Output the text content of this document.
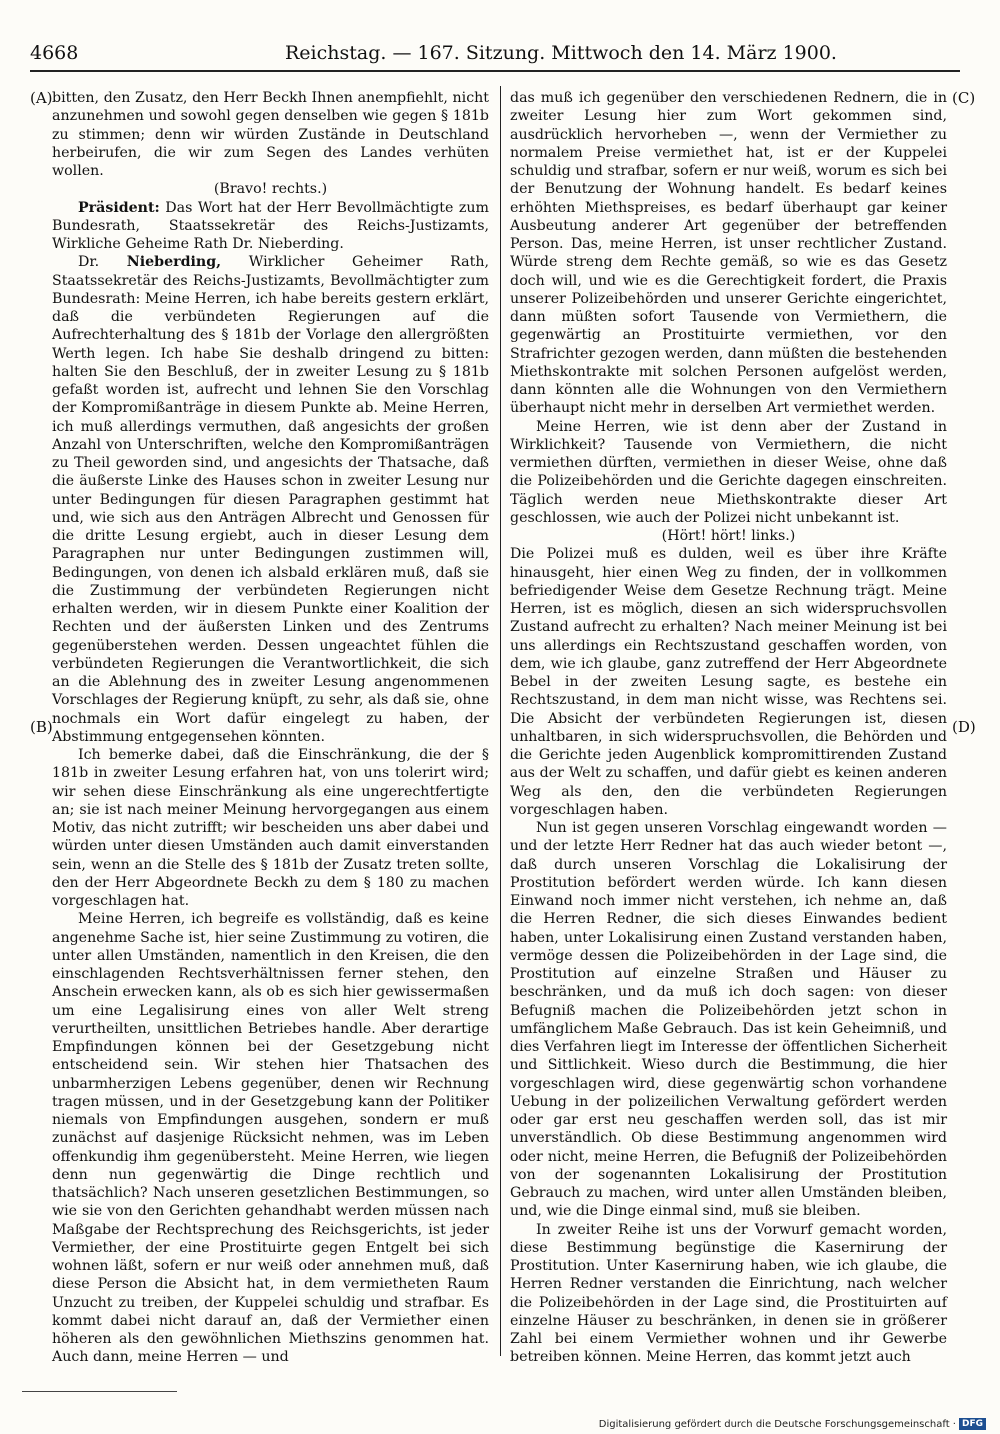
4668	Reichstag. — 167. Sitzung. Mittwoch den 14. März 1900.
(A)
(B)
(C)
(D)

bitten, den Zusatz, den Herr Beckh Ihnen anempfiehlt, nicht anzunehmen und sowohl gegen denselben wie gegen § 181b zu stimmen; denn wir würden Zustände in Deutschland herbeirufen, die wir zum Segen des Landes verhüten wollen.

(Bravo! rechts.)

Präsident: Das Wort hat der Herr Bevollmächtigte zum Bundesrath, Staatssekretär des Reichs-Justizamts, Wirkliche Geheime Rath Dr. Nieberding.

Dr. Nieberding, Wirklicher Geheimer Rath, Staatssekretär des Reichs-Justizamts, Bevollmächtigter zum Bundesrath: Meine Herren, ich habe bereits gestern erklärt, daß die verbündeten Regierungen auf die Aufrechterhaltung des § 181b der Vorlage den allergrößten Werth legen. Ich habe Sie deshalb dringend zu bitten: halten Sie den Beschluß, der in zweiter Lesung zu § 181b gefaßt worden ist, aufrecht und lehnen Sie den Vorschlag der Kompromißanträge in diesem Punkte ab. Meine Herren, ich muß allerdings vermuthen, daß angesichts der großen Anzahl von Unterschriften, welche den Kompromißanträgen zu Theil geworden sind, und angesichts der Thatsache, daß die äußerste Linke des Hauses schon in zweiter Lesung nur unter Bedingungen für diesen Paragraphen gestimmt hat und, wie sich aus den Anträgen Albrecht und Genossen für die dritte Lesung ergiebt, auch in dieser Lesung dem Paragraphen nur unter Bedingungen zustimmen will, Bedingungen, von denen ich alsbald erklären muß, daß sie die Zustimmung der verbündeten Regierungen nicht erhalten werden, wir in diesem Punkte einer Koalition der Rechten und der äußersten Linken und des Zentrums gegenüberstehen werden. Dessen ungeachtet fühlen die verbündeten Regierungen die Verantwortlichkeit, die sich an die Ablehnung des in zweiter Lesung angenommenen Vorschlages der Regierung knüpft, zu sehr, als daß sie, ohne nochmals ein Wort dafür eingelegt zu haben, der Abstimmung entgegensehen könnten.

Ich bemerke dabei, daß die Einschränkung, die der § 181b in zweiter Lesung erfahren hat, von uns tolerirt wird; wir sehen diese Einschränkung als eine ungerechtfertigte an; sie ist nach meiner Meinung hervorgegangen aus einem Motiv, das nicht zutrifft; wir bescheiden uns aber dabei und würden unter diesen Umständen auch damit einverstanden sein, wenn an die Stelle des § 181b der Zusatz treten sollte, den der Herr Abgeordnete Beckh zu dem § 180 zu machen vorgeschlagen hat.

Meine Herren, ich begreife es vollständig, daß es keine angenehme Sache ist, hier seine Zustimmung zu votiren, die unter allen Umständen, namentlich in den Kreisen, die den einschlagenden Rechtsverhältnissen ferner stehen, den Anschein erwecken kann, als ob es sich hier gewissermaßen um eine Legalisirung eines von aller Welt streng verurtheilten, unsittlichen Betriebes handle. Aber derartige Empfindungen können bei der Gesetzgebung nicht entscheidend sein. Wir stehen hier Thatsachen des unbarmherzigen Lebens gegenüber, denen wir Rechnung tragen müssen, und in der Gesetzgebung kann der Politiker niemals von Empfindungen ausgehen, sondern er muß zunächst auf dasjenige Rücksicht nehmen, was im Leben offenkundig ihm gegenübersteht. Meine Herren, wie liegen denn nun gegenwärtig die Dinge rechtlich und thatsächlich? Nach unseren gesetzlichen Bestimmungen, so wie sie von den Gerichten gehandhabt werden müssen nach Maßgabe der Rechtsprechung des Reichsgerichts, ist jeder Vermiether, der eine Prostituirte gegen Entgelt bei sich wohnen läßt, sofern er nur weiß oder annehmen muß, daß diese Person die Absicht hat, in dem vermietheten Raum Unzucht zu treiben, der Kuppelei schuldig und strafbar. Es kommt dabei nicht darauf an, daß der Vermiether einen höheren als den gewöhnlichen Miethszins genommen hat. Auch dann, meine Herren — und

das muß ich gegenüber den verschiedenen Rednern, die in zweiter Lesung hier zum Wort gekommen sind, ausdrücklich hervorheben —, wenn der Vermiether zu normalem Preise vermiethet hat, ist er der Kuppelei schuldig und strafbar, sofern er nur weiß, worum es sich bei der Benutzung der Wohnung handelt. Es bedarf keines erhöhten Miethspreises, es bedarf überhaupt gar keiner Ausbeutung anderer Art gegenüber der betreffenden Person. Das, meine Herren, ist unser rechtlicher Zustand. Würde streng dem Rechte gemäß, so wie es das Gesetz doch will, und wie es die Gerechtigkeit fordert, die Praxis unserer Polizeibehörden und unserer Gerichte eingerichtet, dann müßten sofort Tausende von Vermiethern, die gegenwärtig an Prostituirte vermiethen, vor den Strafrichter gezogen werden, dann müßten die bestehenden Miethskontrakte mit solchen Personen aufgelöst werden, dann könnten alle die Wohnungen von den Vermiethern überhaupt nicht mehr in derselben Art vermiethet werden.

Meine Herren, wie ist denn aber der Zustand in Wirklichkeit? Tausende von Vermiethern, die nicht vermiethen dürften, vermiethen in dieser Weise, ohne daß die Polizeibehörden und die Gerichte dagegen einschreiten. Täglich werden neue Miethskontrakte dieser Art geschlossen, wie auch der Polizei nicht unbekannt ist.

(Hört! hört! links.)

Die Polizei muß es dulden, weil es über ihre Kräfte hinausgeht, hier einen Weg zu finden, der in vollkommen befriedigender Weise dem Gesetze Rechnung trägt. Meine Herren, ist es möglich, diesen an sich widerspruchsvollen Zustand aufrecht zu erhalten? Nach meiner Meinung ist bei uns allerdings ein Rechtszustand geschaffen worden, von dem, wie ich glaube, ganz zutreffend der Herr Abgeordnete Bebel in der zweiten Lesung sagte, es bestehe ein Rechtszustand, in dem man nicht wisse, was Rechtens sei. Die Absicht der verbündeten Regierungen ist, diesen unhaltbaren, in sich widerspruchsvollen, die Behörden und die Gerichte jeden Augenblick kompromittirenden Zustand aus der Welt zu schaffen, und dafür giebt es keinen anderen Weg als den, den die verbündeten Regierungen vorgeschlagen haben.

Nun ist gegen unseren Vorschlag eingewandt worden — und der letzte Herr Redner hat das auch wieder betont —, daß durch unseren Vorschlag die Lokalisirung der Prostitution befördert werden würde. Ich kann diesen Einwand noch immer nicht verstehen, ich nehme an, daß die Herren Redner, die sich dieses Einwandes bedient haben, unter Lokalisirung einen Zustand verstanden haben, vermöge dessen die Polizeibehörden in der Lage sind, die Prostitution auf einzelne Straßen und Häuser zu beschränken, und da muß ich doch sagen: von dieser Befugniß machen die Polizeibehörden jetzt schon in umfänglichem Maße Gebrauch. Das ist kein Geheimniß, und dies Verfahren liegt im Interesse der öffentlichen Sicherheit und Sittlichkeit. Wieso durch die Bestimmung, die hier vorgeschlagen wird, diese gegenwärtig schon vorhandene Uebung in der polizeilichen Verwaltung gefördert werden oder gar erst neu geschaffen werden soll, das ist mir unverständlich. Ob diese Bestimmung angenommen wird oder nicht, meine Herren, die Befugniß der Polizeibehörden von der sogenannten Lokalisirung der Prostitution Gebrauch zu machen, wird unter allen Umständen bleiben, und, wie die Dinge einmal sind, muß sie bleiben.

In zweiter Reihe ist uns der Vorwurf gemacht worden, diese Bestimmung begünstige die Kasernirung der Prostitution. Unter Kasernirung haben, wie ich glaube, die Herren Redner verstanden die Einrichtung, nach welcher die Polizeibehörden in der Lage sind, die Prostituirten auf einzelne Häuser zu beschränken, in denen sie in größerer Zahl bei einem Vermiether wohnen und ihr Gewerbe betreiben können. Meine Herren, das kommt jetzt auch

Digitalisierung gefördert durch die Deutsche Forschungsgemeinschaft · DFG
